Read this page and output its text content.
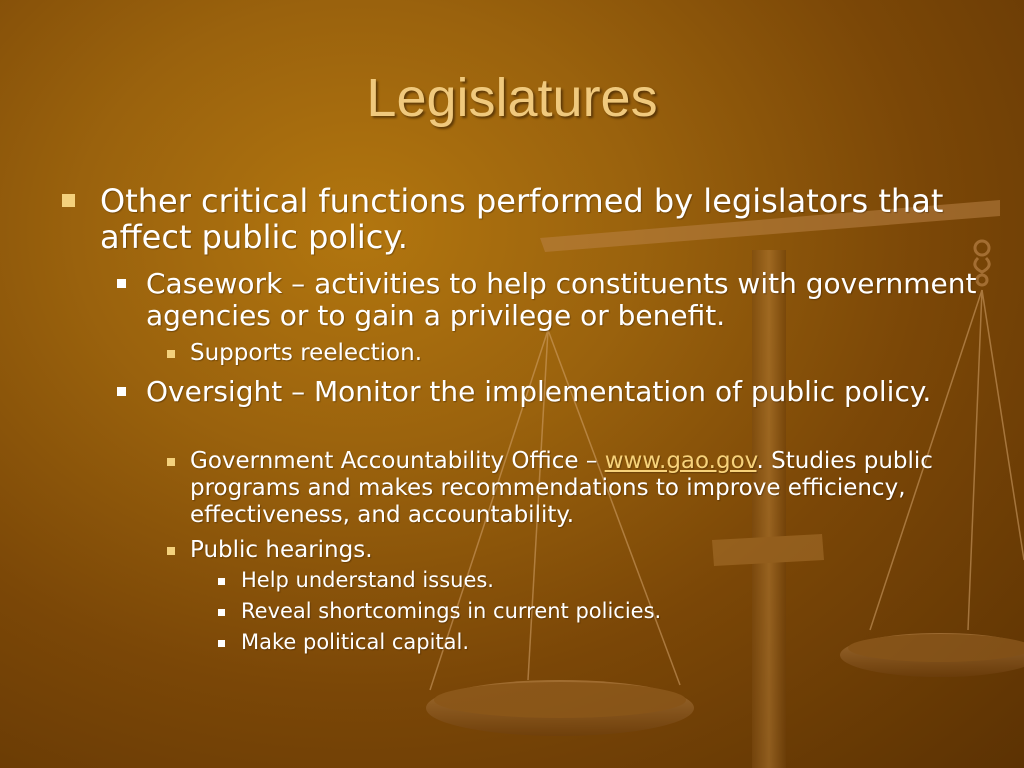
Legislatures
Other critical functions performed by legislators that affect public policy.
Casework – activities to help constituents with government agencies or to gain a privilege or benefit.
Supports reelection.
Oversight – Monitor the implementation of public policy.
Government Accountability Office – www.gao.gov. Studies public programs and makes recommendations to improve efficiency, effectiveness, and accountability.
Public hearings.
Help understand issues.
Reveal shortcomings in current policies.
Make political capital.
